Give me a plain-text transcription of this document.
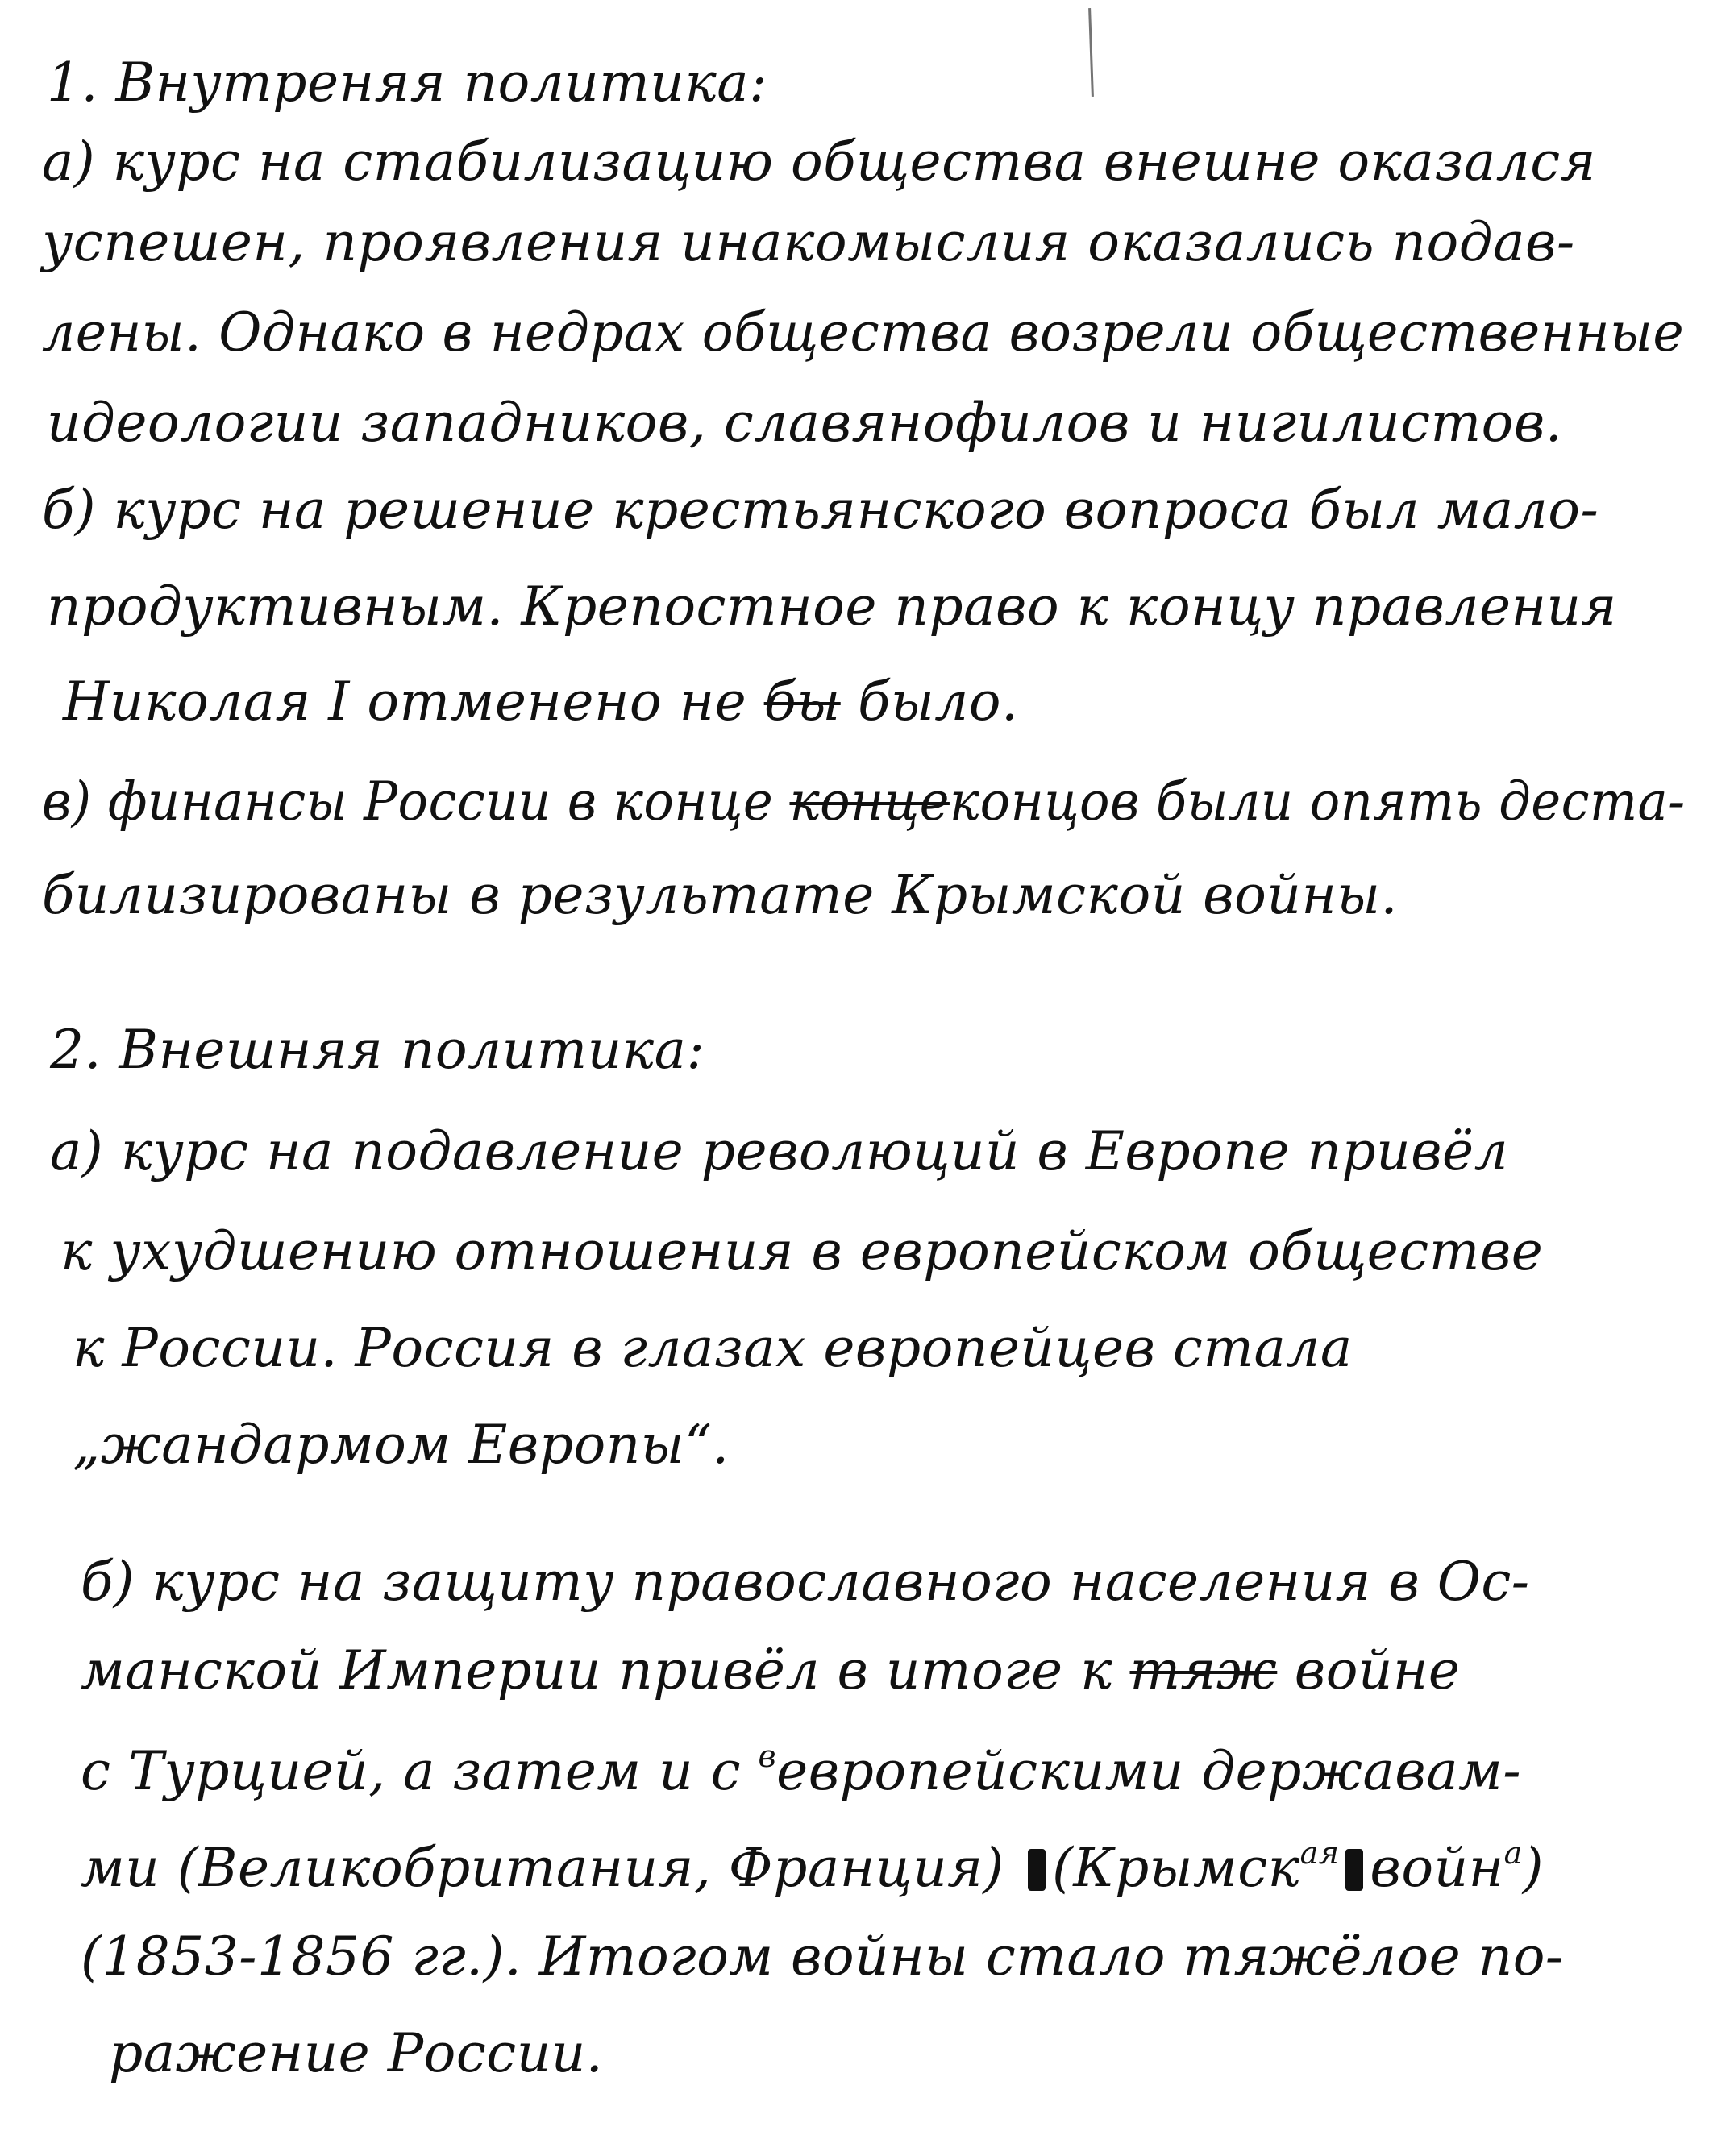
1. Внутреняя политика:
а) курс на стабилизацию общества внешне оказался
успешен, проявления инакомыслия оказались подав-
лены. Однако в недрах общества возрели общественные
идеологии западников, славянофилов и нигилистов.
б) курс на решение крестьянского вопроса был мало-
продуктивным. Крепостное право к концу правления
Николая I отменено не бы было.
в) финансы России в конце концеконцов были опять деста-
билизированы в результате Крымской войны.
2. Внешняя политика:
а) курс на подавление революций в Европе привёл
к ухудшению отношения в европейском обществе
к России. Россия в глазах европейцев стала
„жандармом Европы“.
б) курс на защиту православного населения в Ос-
манской Империи привёл в итоге к тяж войне
с Турцией, а затем и с $^в$европейскими державам-
ми (Великобритания, Франция) (Крымск$^{ая}$ войн$^а$)
(1853-1856 гг.). Итогом войны стало тяжёлое по-
ражение России.
